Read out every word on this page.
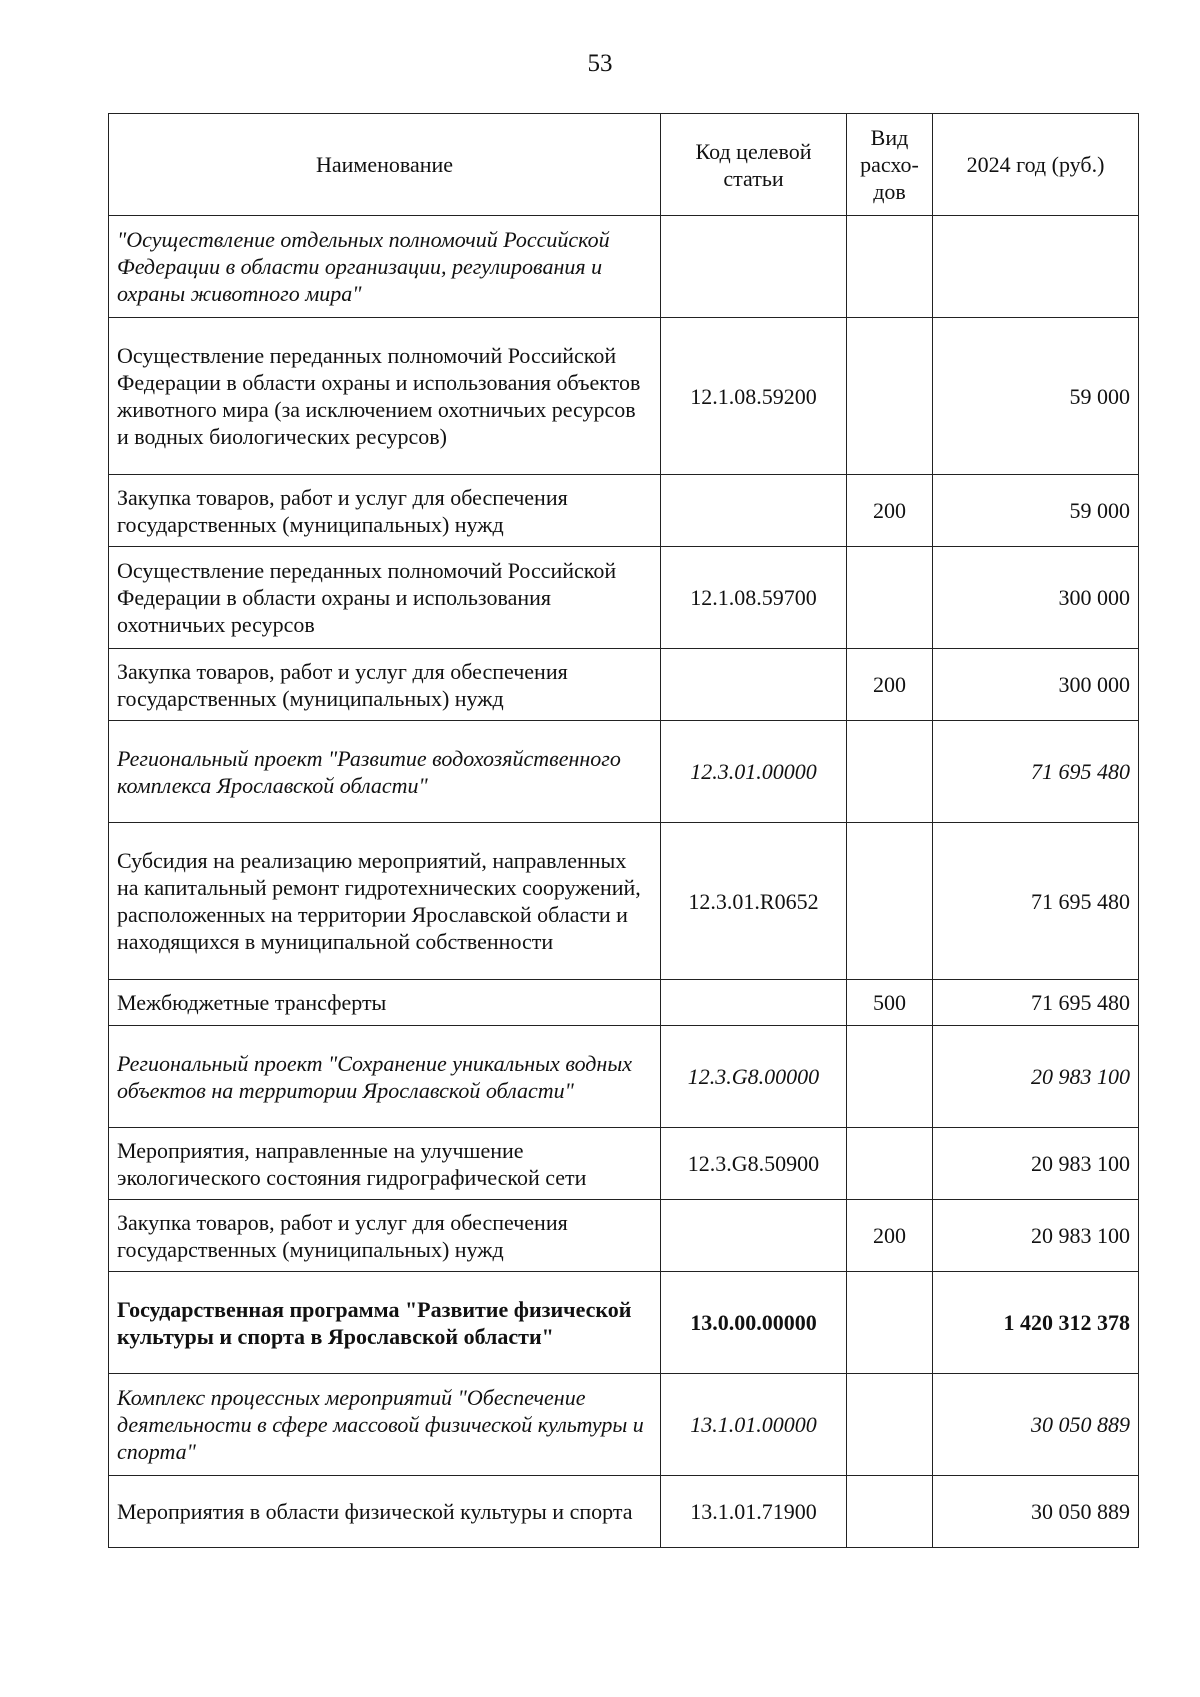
53
Наименование	Код целевой статьи	Вид расхо-дов	2024 год (руб.)
"Осуществление отдельных полномочий Российской Федерации в области организации, регулирования и охраны животного мира"			
Осуществление переданных полномочий Российской Федерации в области охраны и использования объектов животного мира (за исключением охотничьих ресурсов и водных биологических ресурсов)	12.1.08.59200		59 000
Закупка товаров, работ и услуг для обеспечения государственных (муниципальных) нужд		200	59 000
Осуществление переданных полномочий Российской Федерации в области охраны и использования охотничьих ресурсов	12.1.08.59700		300 000
Закупка товаров, работ и услуг для обеспечения государственных (муниципальных) нужд		200	300 000
Региональный проект "Развитие водохозяйственного комплекса Ярославской области"	12.3.01.00000		71 695 480
Субсидия на реализацию мероприятий, направленных на капитальный ремонт гидротехнических сооружений, расположенных на территории Ярославской области и находящихся в муниципальной собственности	12.3.01.R0652		71 695 480
Межбюджетные трансферты		500	71 695 480
Региональный проект "Сохранение уникальных водных объектов на территории Ярославской области"	12.3.G8.00000		20 983 100
Мероприятия, направленные на улучшение экологического состояния гидрографической сети	12.3.G8.50900		20 983 100
Закупка товаров, работ и услуг для обеспечения государственных (муниципальных) нужд		200	20 983 100
Государственная программа "Развитие физической культуры и спорта в Ярославской области"	13.0.00.00000		1 420 312 378
Комплекс процессных мероприятий "Обеспечение деятельности в сфере массовой физической культуры и спорта"	13.1.01.00000		30 050 889
Мероприятия в области физической культуры и спорта	13.1.01.71900		30 050 889
